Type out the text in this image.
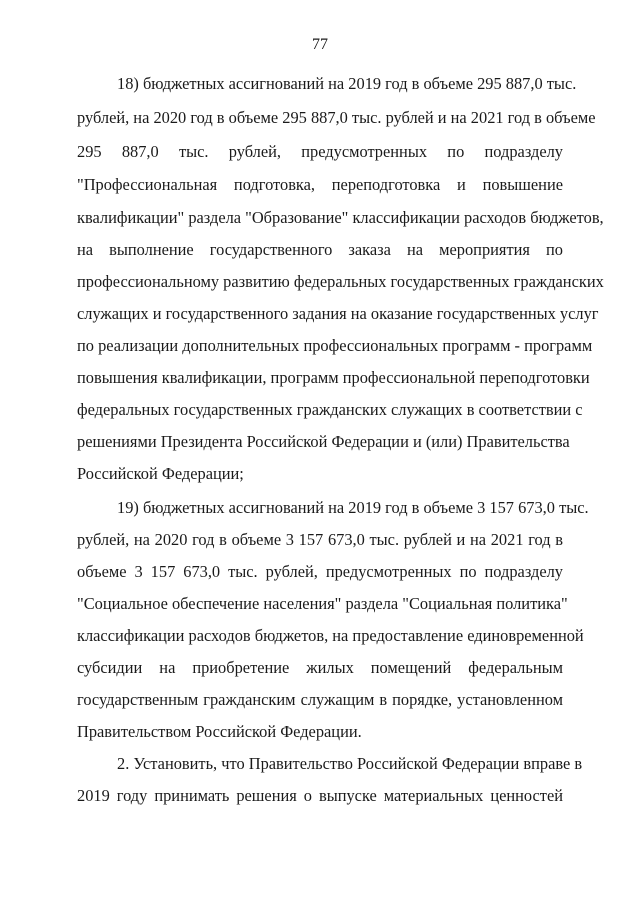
77
18) бюджетных ассигнований на 2019 год в объеме 295 887,0 тыс.
рублей, на 2020 год в объеме 295 887,0 тыс. рублей и на 2021 год в объеме
295 887,0 тыс. рублей, предусмотренных по подразделу
"Профессиональная подготовка, переподготовка и повышение
квалификации" раздела "Образование" классификации расходов бюджетов,
на выполнение государственного заказа на мероприятия по
профессиональному развитию федеральных государственных гражданских
служащих и государственного задания на оказание государственных услуг
по реализации дополнительных профессиональных программ - программ
повышения квалификации, программ профессиональной переподготовки
федеральных государственных гражданских служащих в соответствии с
решениями Президента Российской Федерации и (или) Правительства
Российской Федерации;
19) бюджетных ассигнований на 2019 год в объеме 3 157 673,0 тыс.
рублей, на 2020 год в объеме 3 157 673,0 тыс. рублей и на 2021 год в
объеме 3 157 673,0 тыс. рублей, предусмотренных по подразделу
"Социальное обеспечение населения" раздела "Социальная политика"
классификации расходов бюджетов, на предоставление единовременной
субсидии на приобретение жилых помещений федеральным
государственным гражданским служащим в порядке, установленном
Правительством Российской Федерации.
2. Установить, что Правительство Российской Федерации вправе в
2019 году принимать решения о выпуске материальных ценностей
